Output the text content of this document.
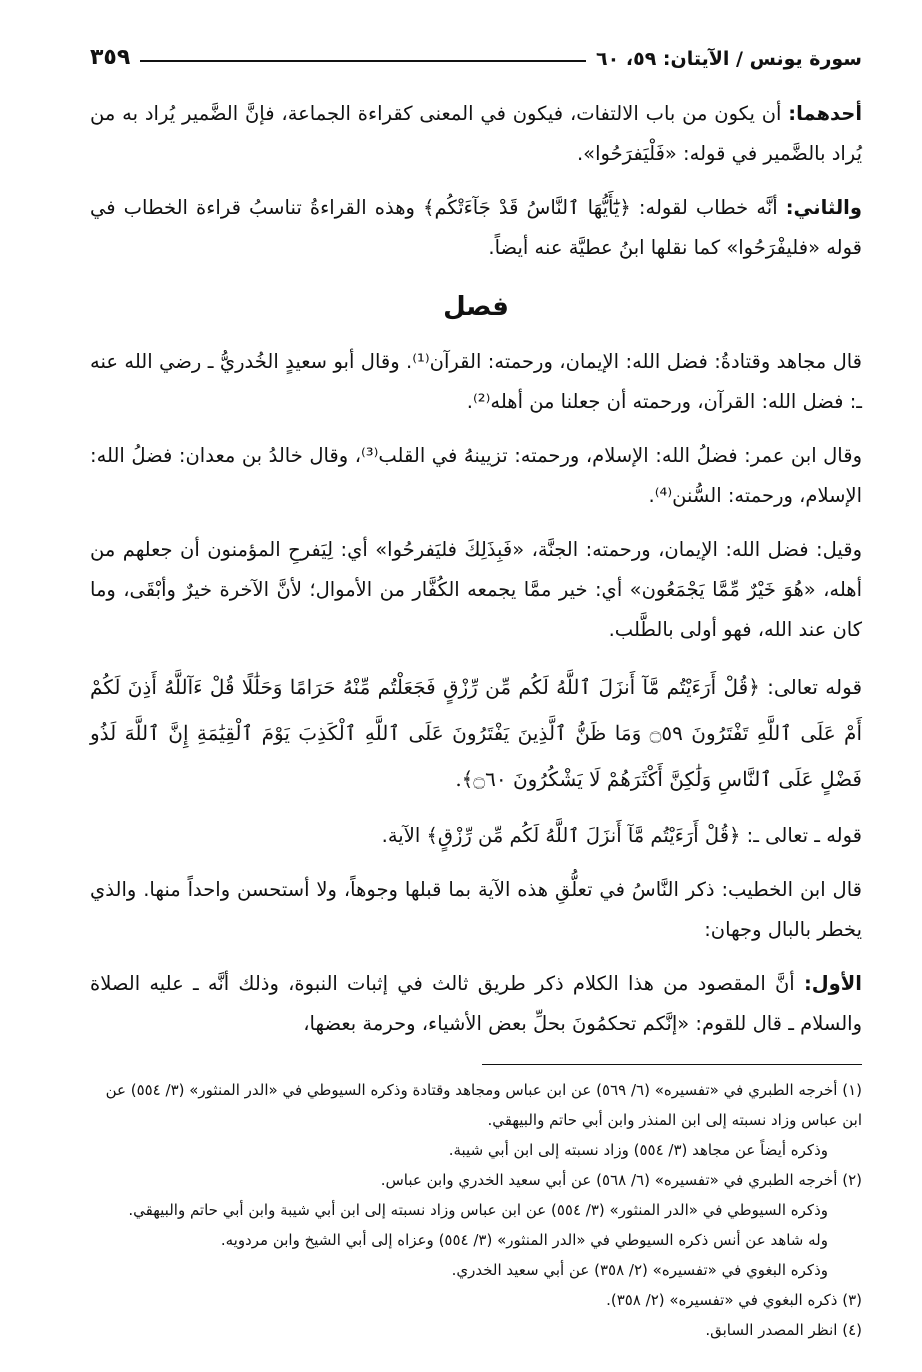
سورة يونس / الآيتان: ٥٩، ٦٠
٣٥٩

أحدهما: أن يكون من باب الالتفات، فيكون في المعنى كقراءة الجماعة، فإنَّ الضَّمير يُراد به من يُراد بالضَّمير في قوله: «فَلْيَفرَحُوا».

والثاني: أنَّه خطاب لقوله: ﴿يَٰٓأَيُّهَا ٱلنَّاسُ قَدْ جَآءَتْكُم﴾ وهذه القراءةُ تناسبُ قراءة الخطاب في قوله «فليفْرَحُوا» كما نقلها ابنُ عطيَّة عنه أيضاً.

فصل

قال مجاهد وقتادةُ: فضل الله: الإيمان، ورحمته: القرآن⁽¹⁾. وقال أبو سعيدٍ الخُدريُّ ـ رضي الله عنه ـ: فضل الله: القرآن، ورحمته أن جعلنا من أهله⁽²⁾.

وقال ابن عمر: فضلُ الله: الإسلام، ورحمته: تزيينهُ في القلب⁽³⁾، وقال خالدُ بن معدان: فضلُ الله: الإسلام، ورحمته: السُّنن⁽⁴⁾.

وقيل: فضل الله: الإيمان، ورحمته: الجنَّة، «فَبِذَلِكَ فليَفرحُوا» أي: لِيَفرحِ المؤمنون أن جعلهم من أهله، «هُوَ خَيْرٌ مِّمَّا يَجْمَعُون» أي: خير ممَّا يجمعه الكُفَّار من الأموال؛ لأنَّ الآخرة خيرٌ وأبْقَى، وما كان عند الله، فهو أولى بالطَّلب.

قوله تعالى: ﴿قُلْ أَرَءَيْتُم مَّآ أَنزَلَ ٱللَّهُ لَكُم مِّن رِّزْقٍ فَجَعَلْتُم مِّنْهُ حَرَامًا وَحَلَٰلًا قُلْ ءَآللَّهُ أَذِنَ لَكُمْ أَمْ عَلَى ٱللَّهِ تَفْتَرُونَ ۝٥٩ وَمَا ظَنُّ ٱلَّذِينَ يَفْتَرُونَ عَلَى ٱللَّهِ ٱلْكَذِبَ يَوْمَ ٱلْقِيَٰمَةِ إِنَّ ٱللَّهَ لَذُو فَضْلٍ عَلَى ٱلنَّاسِ وَلَٰكِنَّ أَكْثَرَهُمْ لَا يَشْكُرُونَ ۝٦٠﴾.

قوله ـ تعالى ـ: ﴿قُلْ أَرَءَيْتُم مَّآ أَنزَلَ ٱللَّهُ لَكُم مِّن رِّزْقٍ﴾ الآية.

قال ابن الخطيب: ذكر النَّاسُ في تعلُّقِ هذه الآية بما قبلها وجوهاً، ولا أستحسن واحداً منها. والذي يخطر بالبال وجهان:

الأول: أنَّ المقصود من هذا الكلام ذكر طريق ثالث في إثبات النبوة، وذلك أنَّه ـ عليه الصلاة والسلام ـ قال للقوم: «إنَّكم تحكمُونَ بحلِّ بعض الأشياء، وحرمة بعضها،

(١) أخرجه الطبري في «تفسيره» (٦/ ٥٦٩) عن ابن عباس ومجاهد وقتادة وذكره السيوطي في «الدر المنثور» (٣/ ٥٥٤) عن ابن عباس وزاد نسبته إلى ابن المنذر وابن أبي حاتم والبيهقي.

وذكره أيضاً عن مجاهد (٣/ ٥٥٤) وزاد نسبته إلى ابن أبي شيبة.

(٢) أخرجه الطبري في «تفسيره» (٦/ ٥٦٨) عن أبي سعيد الخدري وابن عباس.

وذكره السيوطي في «الدر المنثور» (٣/ ٥٥٤) عن ابن عباس وزاد نسبته إلى ابن أبي شيبة وابن أبي حاتم والبيهقي.

وله شاهد عن أنس ذكره السيوطي في «الدر المنثور» (٣/ ٥٥٤) وعزاه إلى أبي الشيخ وابن مردويه.

وذكره البغوي في «تفسيره» (٢/ ٣٥٨) عن أبي سعيد الخدري.

(٣) ذكره البغوي في «تفسيره» (٢/ ٣٥٨).

(٤) انظر المصدر السابق.
